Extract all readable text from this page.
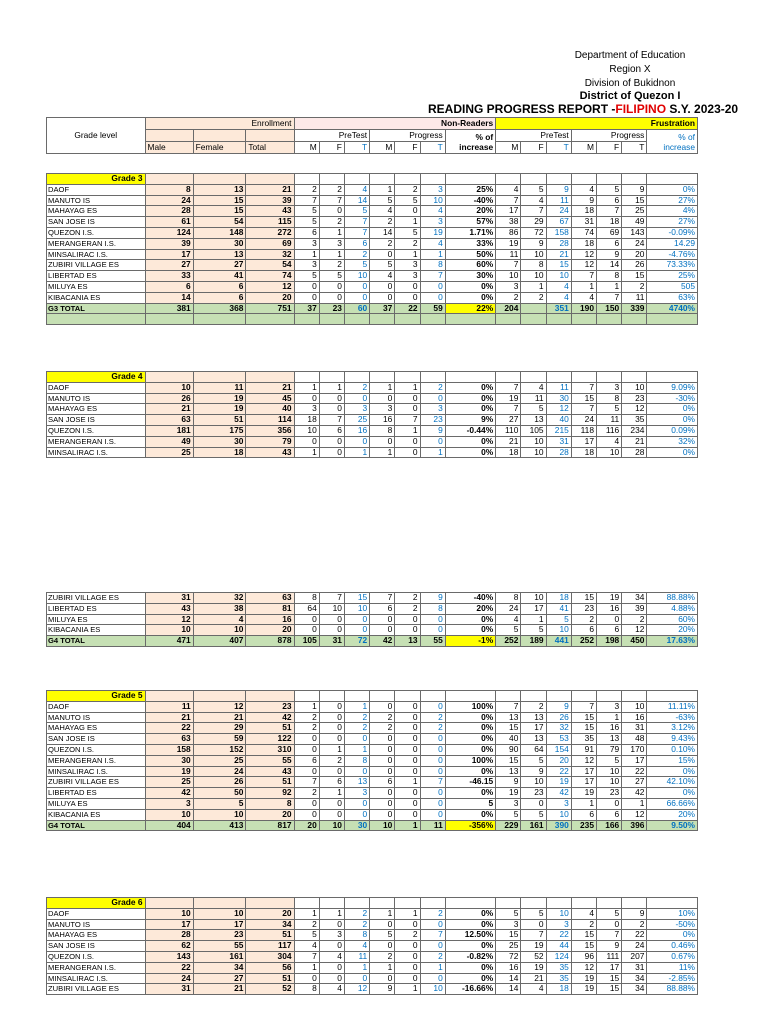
Department of Education
Region X
Division of Bukidnon
District of Quezon I
READING PROGRESS REPORT -FILIPINO S.Y. 2023-20
Grade level	Enrollment			Non-Readers							Frustration						
				PreTest			Progress			% of increase	PreTest			Progress			% of increase
	Male	Female	Total	M	F	T	M	F	T		M	F	T	M	F	T	
Grade 3																	
DAOF	8	13	21	2	2	4	1	2	3	25%	4	5	9	4	5	9	0%
MANUTO IS	24	15	39	7	7	14	5	5	10	-40%	7	4	11	9	6	15	27%
MAHAYAG ES	28	15	43	5	0	5	4	0	4	20%	17	7	24	18	7	25	4%
SAN JOSE IS	61	54	115	5	2	7	2	1	3	57%	38	29	67	31	18	49	27%
QUEZON I.S.	124	148	272	6	1	7	14	5	19	1.71%	86	72	158	74	69	143	-0.09%
MERANGERAN I.S.	39	30	69	3	3	6	2	2	4	33%	19	9	28	18	6	24	14.29
MINSALIRAC I.S.	17	13	32	1	1	2	0	1	1	50%	11	10	21	12	9	20	-4.76%
ZUBIRI VILLAGE ES	27	27	54	3	2	5	5	3	8	60%	7	8	15	12	14	26	73.33%
LIBERTAD ES	33	41	74	5	5	10	4	3	7	30%	10	10	10	7	8	15	25%
MILUYA ES	6	6	12	0	0	0	0	0	0	0%	3	1	4	1	1	2	505
KIBACANIA ES	14	6	20	0	0	0	0	0	0	0%	2	2	4	4	7	11	63%
G3 TOTAL	381	368	751	37	23	60	37	22	59	22%	204		351	190	150	339	4740%

Grade 4																	
DAOF	10	11	21	1	1	2	1	1	2	0%	7	4	11	7	3	10	9.09%
MANUTO IS	26	19	45	0	0	0	0	0	0	0%	19	11	30	15	8	23	-30%
MAHAYAG ES	21	19	40	3	0	3	3	0	3	0%	7	5	12	7	5	12	0%
SAN JOSE IS	63	51	114	18	7	25	16	7	23	9%	27	13	40	24	11	35	0%
QUEZON I.S.	181	175	356	10	6	16	8	1	9	-0.44%	110	105	215	118	116	234	0.09%
MERANGERAN I.S.	49	30	79	0	0	0	0	0	0	0%	21	10	31	17	4	21	32%
MINSALIRAC I.S.	25	18	43	1	0	1	1	0	1	0%	18	10	28	18	10	28	0%
ZUBIRI VILLAGE ES	31	32	63	8	7	15	7	2	9	-40%	8	10	18	15	19	34	88.88%
LIBERTAD ES	43	38	81	64	10	10	6	2	8	20%	24	17	41	23	16	39	4.88%
MILUYA ES	12	4	16	0	0	0	0	0	0	0%	4	1	5	2	0	2	60%
KIBACANIA ES	10	10	20	0	0	0	0	0	0	0%	5	5	10	6	6	12	20%
G4 TOTAL	471	407	878	105	31	72	42	13	55	-1%	252	189	441	252	198	450	17.63%
Grade 5																	
DAOF	11	12	23	1	0	1	0	0	0	100%	7	2	9	7	3	10	11.11%
MANUTO IS	21	21	42	2	0	2	2	0	2	0%	13	13	26	15	1	16	-63%
MAHAYAG ES	22	29	51	2	0	2	2	0	2	0%	15	17	32	15	16	31	3.12%
SAN JOSE IS	63	59	122	0	0	0	0	0	0	0%	40	13	53	35	13	48	9.43%
QUEZON I.S.	158	152	310	0	1	1	0	0	0	0%	90	64	154	91	79	170	0.10%
MERANGERAN I.S.	30	25	55	6	2	8	0	0	0	100%	15	5	20	12	5	17	15%
MINSALIRAC I.S.	19	24	43	0	0	0	0	0	0	0%	13	9	22	17	10	22	0%
ZUBIRI VILLAGE ES	25	26	51	7	6	13	6	1	7	-46.15	9	10	19	17	10	27	42.10%
LIBERTAD ES	42	50	92	2	1	3	0	0	0	0%	19	23	42	19	23	42	0%
MILUYA ES	3	5	8	0	0	0	0	0	0	5	3	0	3	1	0	1	66.66%
KIBACANIA ES	10	10	20	0	0	0	0	0	0	0%	5	5	10	6	6	12	20%
G4 TOTAL	404	413	817	20	10	30	10	1	11	-356%	229	161	390	235	166	396	9.50%
Grade 6																	
DAOF	10	10	20	1	1	2	1	1	2	0%	5	5	10	4	5	9	10%
MANUTO IS	17	17	34	2	0	2	0	0	0	0%	3	0	3	2	0	2	-50%
MAHAYAG ES	28	23	51	5	3	8	5	2	7	12.50%	15	7	22	15	7	22	0%
SAN JOSE IS	62	55	117	4	0	4	0	0	0	0%	25	19	44	15	9	24	0.46%
QUEZON I.S.	143	161	304	7	4	11	2	0	2	-0.82%	72	52	124	96	111	207	0.67%
MERANGERAN I.S.	22	34	56	1	0	1	1	0	1	0%	16	19	35	12	17	31	11%
MINSALIRAC I.S.	24	27	51	0	0	0	0	0	0	0%	14	21	35	19	15	34	-2.85%
ZUBIRI VILLAGE ES	31	21	52	8	4	12	9	1	10	-16.66%	14	4	18	19	15	34	88.88%
